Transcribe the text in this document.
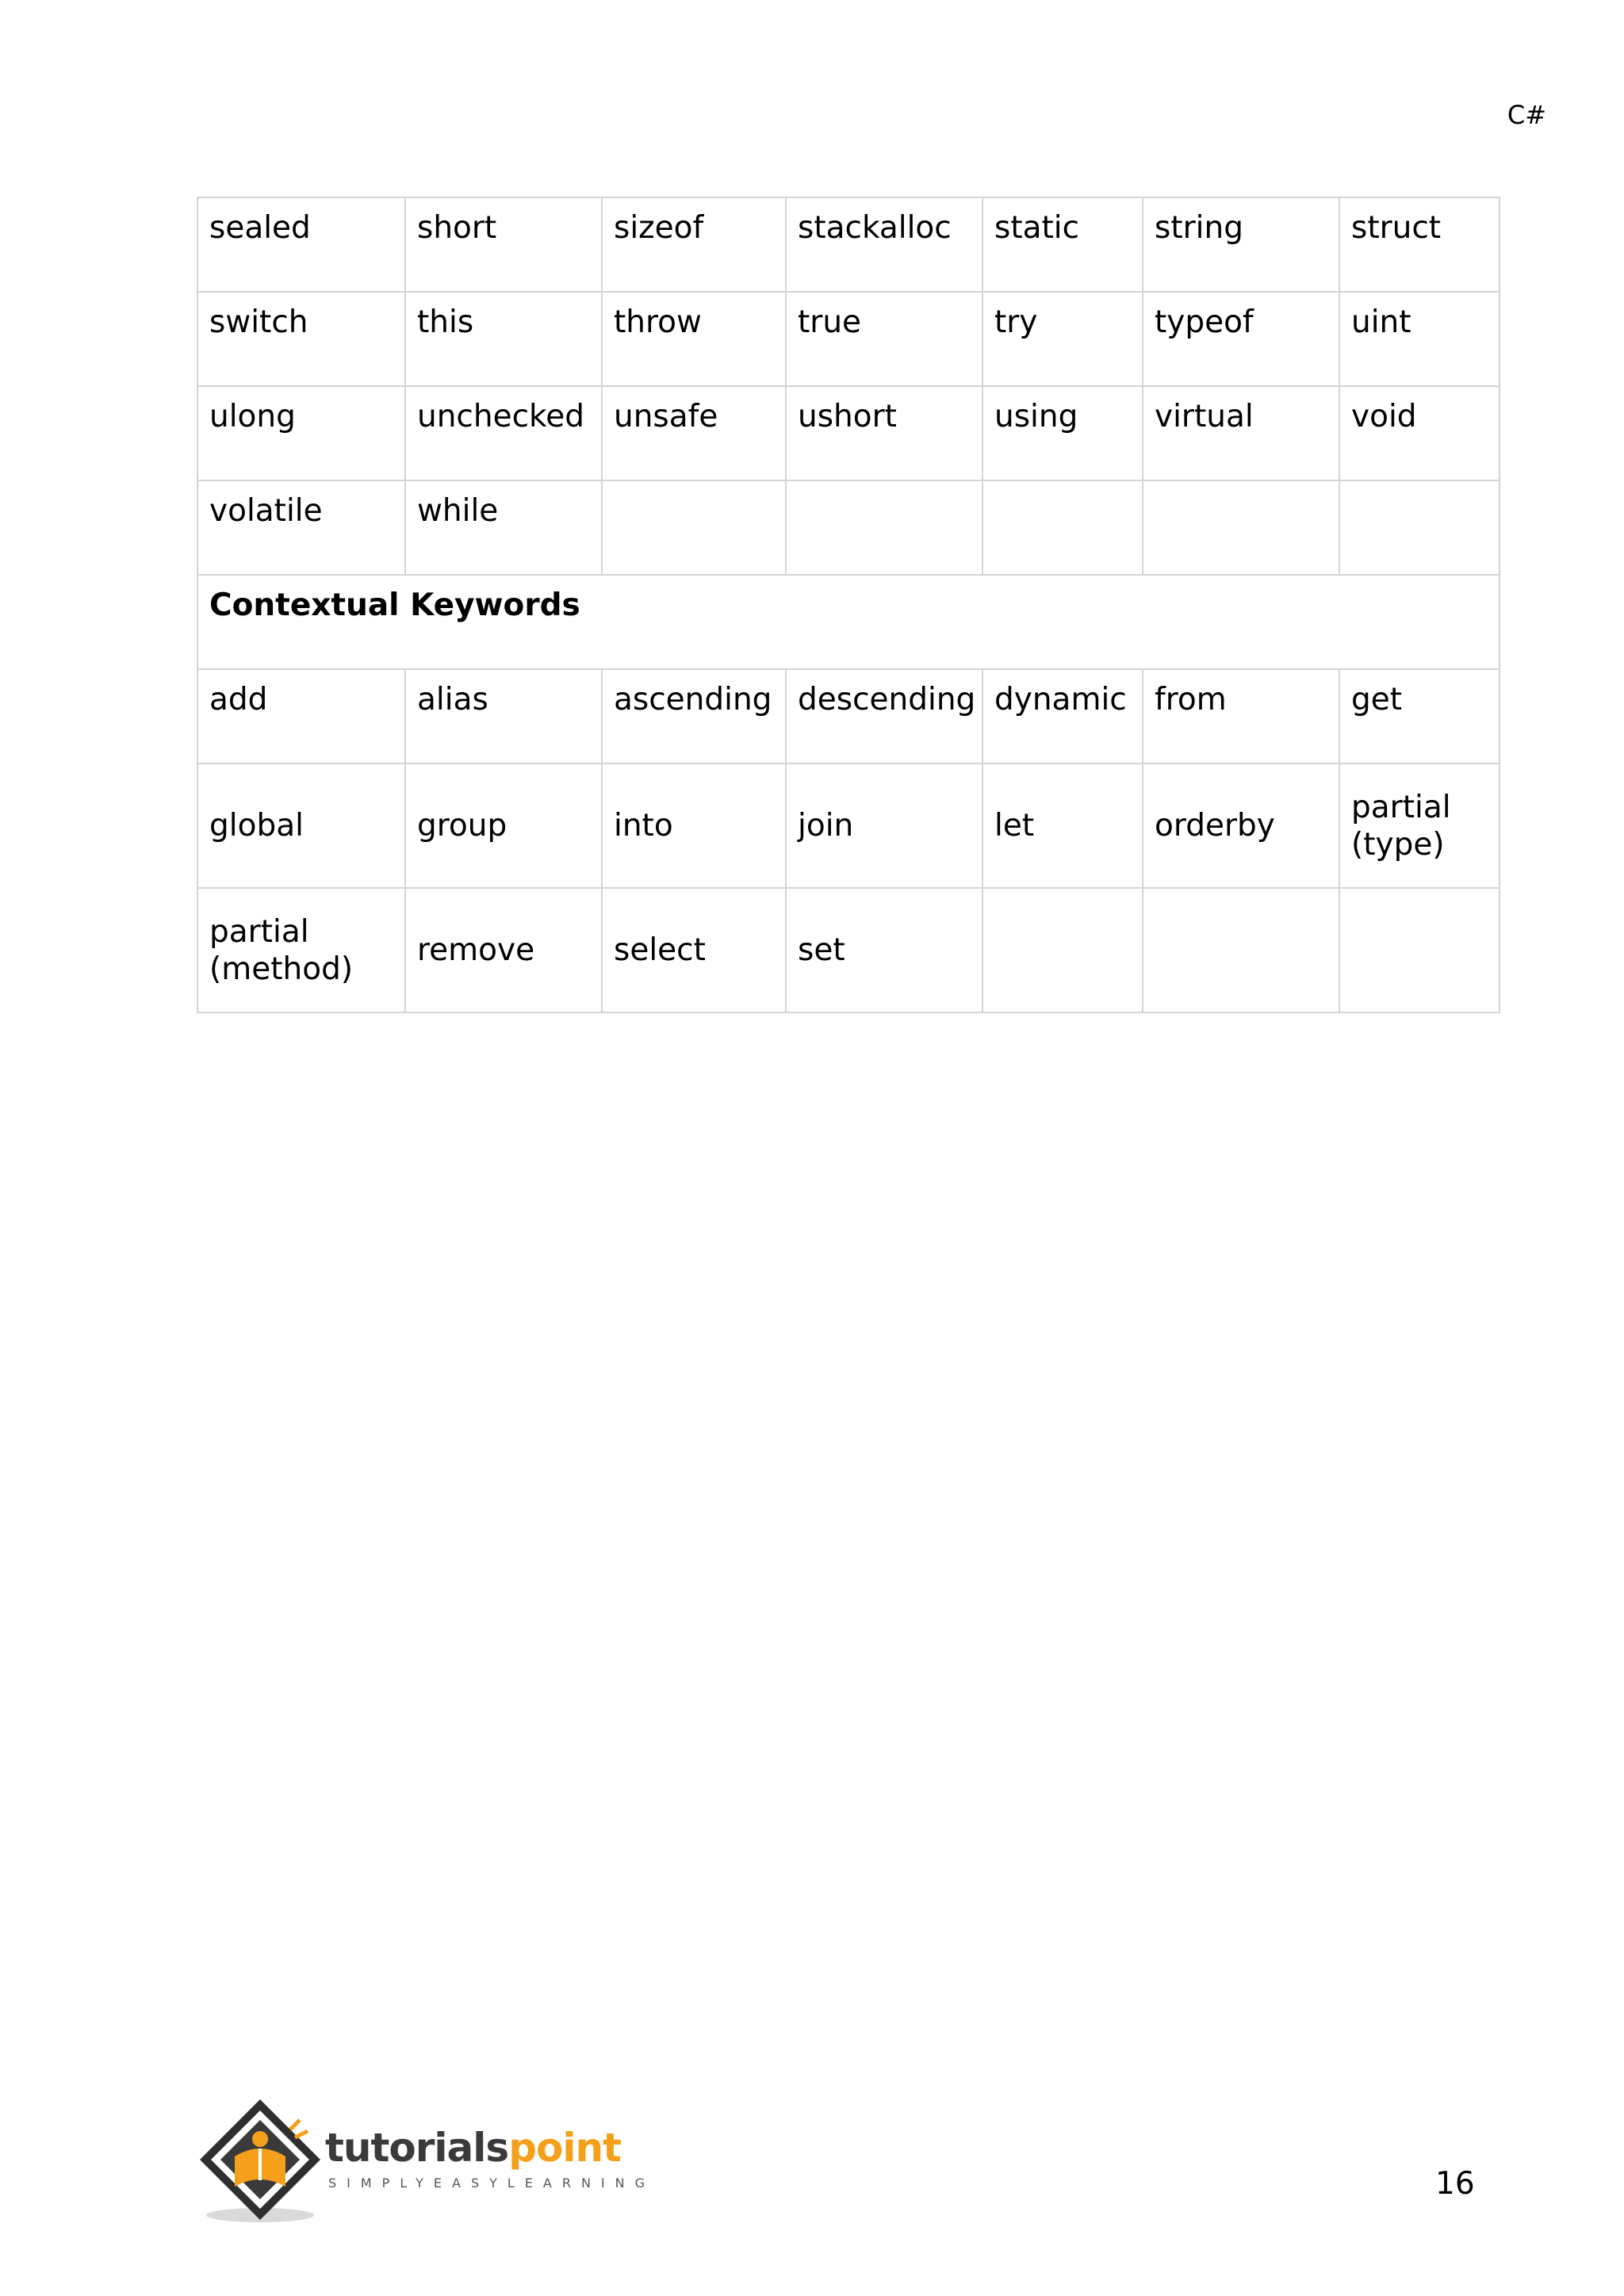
C#
sealed	short	sizeof	stackalloc	static	string	struct
switch	this	throw	true	try	typeof	uint
ulong	unchecked	unsafe	ushort	using	virtual	void
volatile	while					
Contextual Keywords						
add	alias	ascending	descending	dynamic	from	get
global	group	into	join	let	orderby	partial (type)
partial (method)	remove	select	set			
tutorialspoint
SIMPLYEASYLEARNING	16
